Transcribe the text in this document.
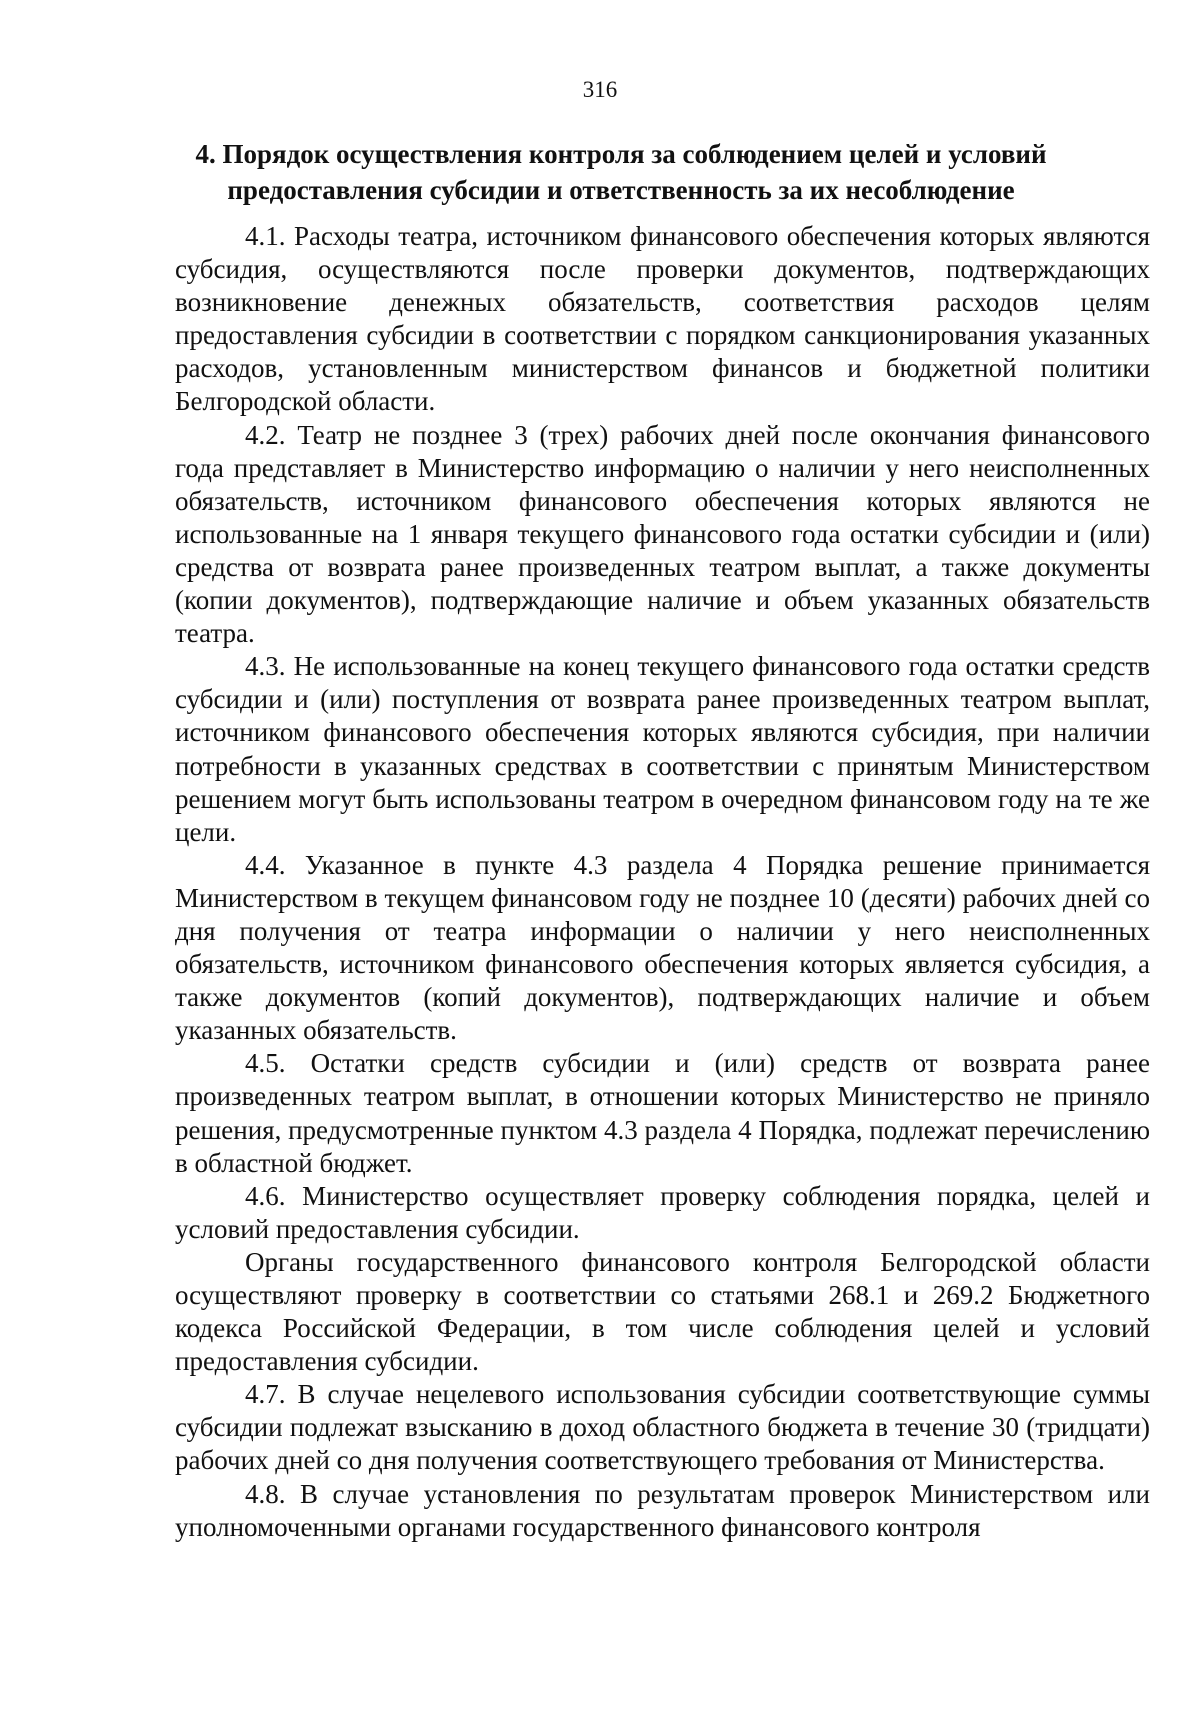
316
4. Порядок осуществления контроля за соблюдением целей и условий предоставления субсидии и ответственность за их несоблюдение

4.1. Расходы театра, источником финансового обеспечения которых являются субсидия, осуществляются после проверки документов, подтверждающих возникновение денежных обязательств, соответствия расходов целям предоставления субсидии в соответствии с порядком санкционирования указанных расходов, установленным министерством финансов и бюджетной политики Белгородской области.

4.2. Театр не позднее 3 (трех) рабочих дней после окончания финансового года представляет в Министерство информацию о наличии у него неисполненных обязательств, источником финансового обеспечения которых являются не использованные на 1 января текущего финансового года остатки субсидии и (или) средства от возврата ранее произведенных театром выплат, а также документы (копии документов), подтверждающие наличие и объем указанных обязательств театра.

4.3. Не использованные на конец текущего финансового года остатки средств субсидии и (или) поступления от возврата ранее произведенных театром выплат, источником финансового обеспечения которых являются субсидия, при наличии потребности в указанных средствах в соответствии с принятым Министерством решением могут быть использованы театром в очередном финансовом году на те же цели.

4.4. Указанное в пункте 4.3 раздела 4 Порядка решение принимается Министерством в текущем финансовом году не позднее 10 (десяти) рабочих дней со дня получения от театра информации о наличии у него неисполненных обязательств, источником финансового обеспечения которых является субсидия, а также документов (копий документов), подтверждающих наличие и объем указанных обязательств.

4.5. Остатки средств субсидии и (или) средств от возврата ранее произведенных театром выплат, в отношении которых Министерство не приняло решения, предусмотренные пунктом 4.3 раздела 4 Порядка, подлежат перечислению в областной бюджет.

4.6. Министерство осуществляет проверку соблюдения порядка, целей и условий предоставления субсидии.

Органы государственного финансового контроля Белгородской области осуществляют проверку в соответствии со статьями 268.1 и 269.2 Бюджетного кодекса Российской Федерации, в том числе соблюдения целей и условий предоставления субсидии.

4.7. В случае нецелевого использования субсидии соответствующие суммы субсидии подлежат взысканию в доход областного бюджета в течение 30 (тридцати) рабочих дней со дня получения соответствующего требования от Министерства.

4.8. В случае установления по результатам проверок Министерством или уполномоченными органами государственного финансового контроля
